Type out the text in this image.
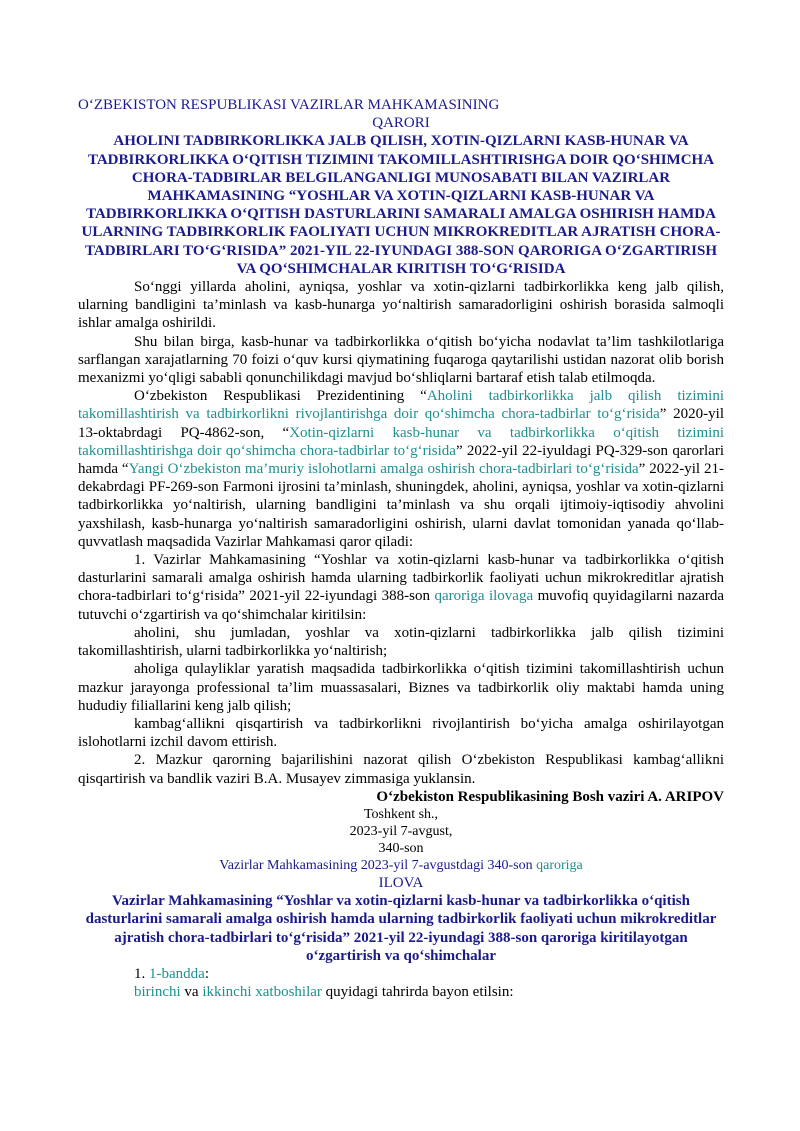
O‘ZBEKISTON RESPUBLIKASI VAZIRLAR MAHKAMASINING
QARORI
AHOLINI TADBIRKORLIKKA JALB QILISH, XOTIN-QIZLARNI KASB-HUNAR VA TADBIRKORLIKKA O‘QITISH TIZIMINI TAKOMILLASHTIRISHGA DOIR QO‘SHIMCHA CHORA-TADBIRLAR BELGILANGANLIGI MUNOSABATI BILAN VAZIRLAR MAHKAMASINING “YOSHLAR VA XOTIN-QIZLARNI KASB-HUNAR VA TADBIRKORLIKKA O‘QITISH DASTURLARINI SAMARALI AMALGA OSHIRISH HAMDA ULARNING TADBIRKORLIK FAOLIYATI UCHUN MIKROKREDITLAR AJRATISH CHORA-TADBIRLARI TO‘G‘RISIDA” 2021-YIL 22-IYUNDAGI 388-SON QARORIGA O‘ZGARTIRISH VA QO‘SHIMCHALAR KIRITISH TO‘G‘RISIDA

So‘nggi yillarda aholini, ayniqsa, yoshlar va xotin-qizlarni tadbirkorlikka keng jalb qilish, ularning bandligini ta’minlash va kasb-hunarga yo‘naltirish samaradorligini oshirish borasida salmoqli ishlar amalga oshirildi.

Shu bilan birga, kasb-hunar va tadbirkorlikka o‘qitish bo‘yicha nodavlat ta’lim tashkilotlariga sarflangan xarajatlarning 70 foizi o‘quv kursi qiymatining fuqaroga qaytarilishi ustidan nazorat olib borish mexanizmi yo‘qligi sababli qonunchilikdagi mavjud bo‘shliqlarni bartaraf etish talab etilmoqda.

O‘zbekiston Respublikasi Prezidentining “Aholini tadbirkorlikka jalb qilish tizimini takomillashtirish va tadbirkorlikni rivojlantirishga doir qo‘shimcha chora-tadbirlar to‘g‘risida” 2020-yil 13-oktabrdagi PQ-4862-son, “Xotin-qizlarni kasb-hunar va tadbirkorlikka o‘qitish tizimini takomillashtirishga doir qo‘shimcha chora-tadbirlar to‘g‘risida” 2022-yil 22-iyuldagi PQ-329-son qarorlari hamda “Yangi O‘zbekiston ma’muriy islohotlarni amalga oshirish chora-tadbirlari to‘g‘risida” 2022-yil 21-dekabrdagi PF-269-son Farmoni ijrosini ta’minlash, shuningdek, aholini, ayniqsa, yoshlar va xotin-qizlarni tadbirkorlikka yo‘naltirish, ularning bandligini ta’minlash va shu orqali ijtimoiy-iqtisodiy ahvolini yaxshilash, kasb-hunarga yo‘naltirish samaradorligini oshirish, ularni davlat tomonidan yanada qo‘llab-quvvatlash maqsadida Vazirlar Mahkamasi qaror qiladi:

1. Vazirlar Mahkamasining “Yoshlar va xotin-qizlarni kasb-hunar va tadbirkorlikka o‘qitish dasturlarini samarali amalga oshirish hamda ularning tadbirkorlik faoliyati uchun mikrokreditlar ajratish chora-tadbirlari to‘g‘risida” 2021-yil 22-iyundagi 388-son qaroriga ilovaga muvofiq quyidagilarni nazarda tutuvchi o‘zgartirish va qo‘shimchalar kiritilsin:

aholini, shu jumladan, yoshlar va xotin-qizlarni tadbirkorlikka jalb qilish tizimini takomillashtirish, ularni tadbirkorlikka yo‘naltirish;

aholiga qulayliklar yaratish maqsadida tadbirkorlikka o‘qitish tizimini takomillashtirish uchun mazkur jarayonga professional ta’lim muassasalari, Biznes va tadbirkorlik oliy maktabi hamda uning hududiy filiallarini keng jalb qilish;

kambag‘allikni qisqartirish va tadbirkorlikni rivojlantirish bo‘yicha amalga oshirilayotgan islohotlarni izchil davom ettirish.

2. Mazkur qarorning bajarilishini nazorat qilish O‘zbekiston Respublikasi kambag‘allikni qisqartirish va bandlik vaziri B.A. Musayev zimmasiga yuklansin.

O‘zbekiston Respublikasining Bosh vaziri A. ARIPOV
Toshkent sh.,
2023-yil 7-avgust,
340-son
Vazirlar Mahkamasining 2023-yil 7-avgustdagi 340-son qaroriga
ILOVA
Vazirlar Mahkamasining “Yoshlar va xotin-qizlarni kasb-hunar va tadbirkorlikka o‘qitish dasturlarini samarali amalga oshirish hamda ularning tadbirkorlik faoliyati uchun mikrokreditlar ajratish chora-tadbirlari to‘g‘risida” 2021-yil 22-iyundagi 388-son qaroriga kiritilayotgan o‘zgartirish va qo‘shimchalar

1. 1-bandda:

birinchi va ikkinchi xatboshilar quyidagi tahrirda bayon etilsin:
